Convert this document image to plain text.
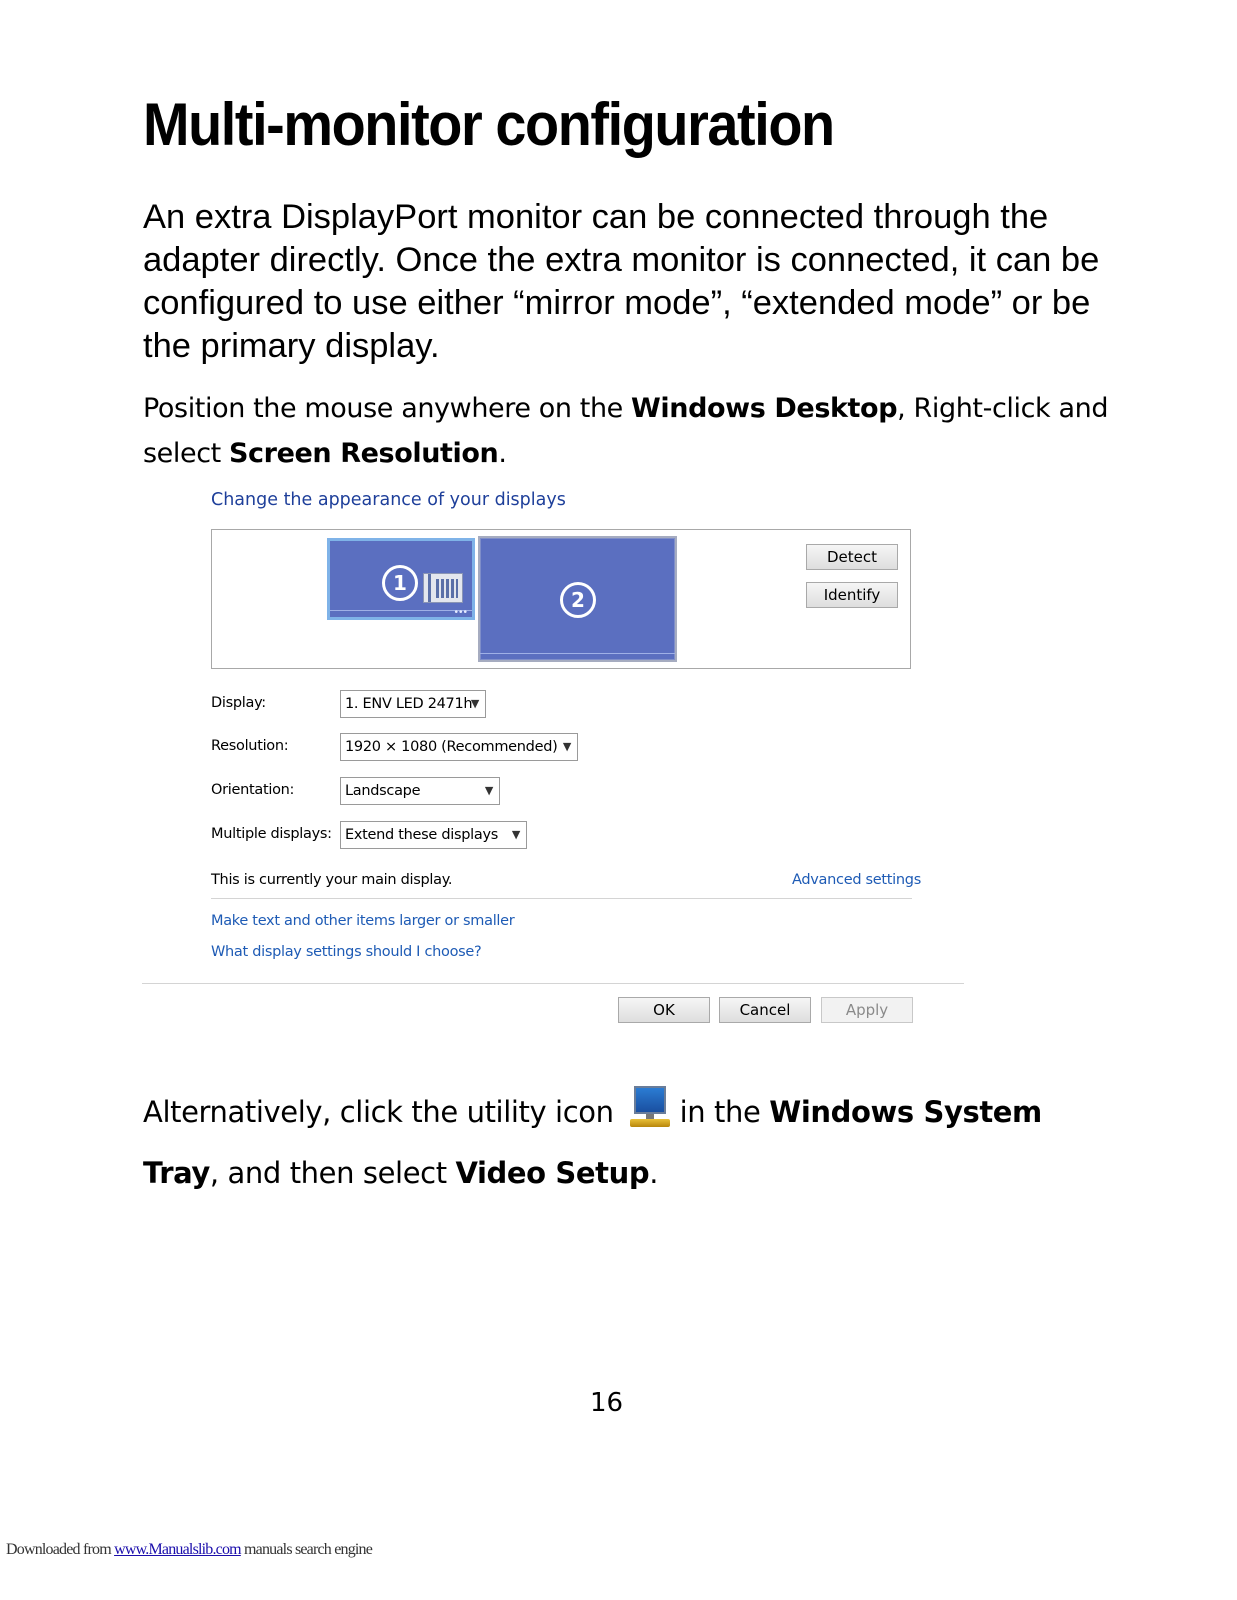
Multi-monitor configuration

An extra DisplayPort monitor can be connected through the adapter directly. Once the extra monitor is connected, it can be configured to use either “mirror mode”, “extended mode” or be the primary display.

Position the mouse anywhere on the Windows Desktop, Right-click and select Screen Resolution.

Change the appearance of your displays
1
•••
2
Detect
Identify
Display:	1. ENV LED 2471h
▼
Resolution:	1920 × 1080 (Recommended) ▼
Orientation:	Landscape	▼
Multiple displays: Extend these displays ▼
This is currently your main display.	Advanced settings
Make text and other items larger or smaller
What display settings should I choose?
OK	Cancel	Apply

Alternatively, click the utility icon in the Windows System Tray, and then select Video Setup.

16
Downloaded from www.Manualslib.com manuals search engine
